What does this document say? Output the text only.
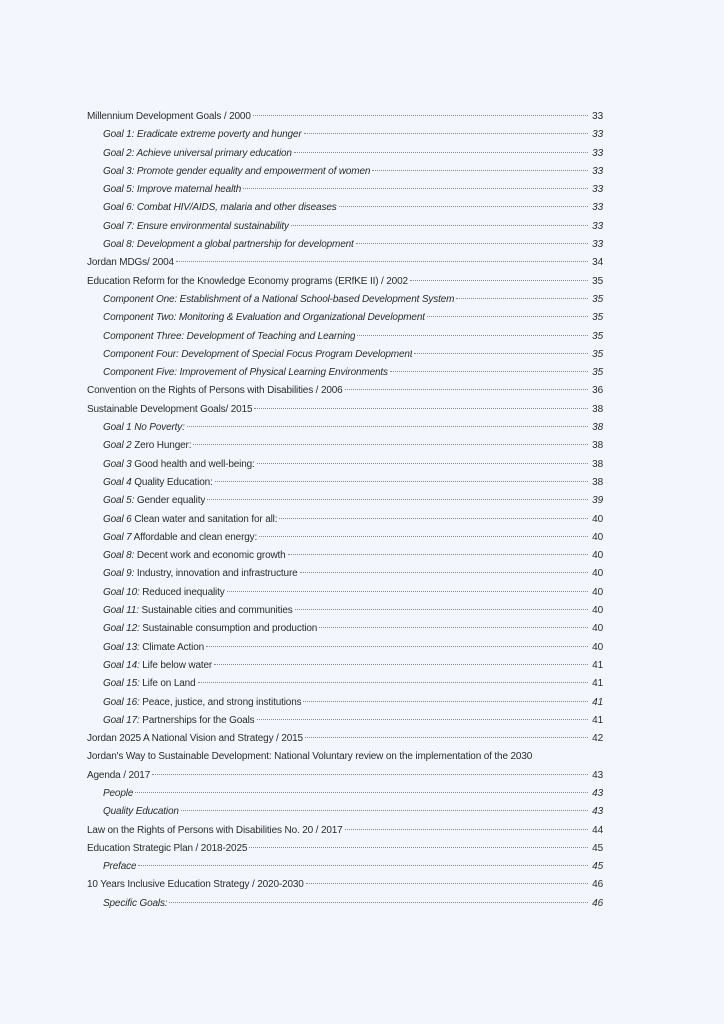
Millennium Development Goals / 2000	33
Goal 1: Eradicate extreme poverty and hunger	33
Goal 2: Achieve universal primary education	33
Goal 3: Promote gender equality and empowerment of women	33
Goal 5: Improve maternal health	33
Goal 6: Combat HIV/AIDS, malaria and other diseases	33
Goal 7: Ensure environmental sustainability	33
Goal 8: Development a global partnership for development	33
Jordan MDGs/ 2004	34
Education Reform for the Knowledge Economy programs (ERfKE II) / 2002	35
Component One: Establishment of a National School-based Development System	35
Component Two: Monitoring & Evaluation and Organizational Development	35
Component Three: Development of Teaching and Learning	35
Component Four: Development of Special Focus Program Development	35
Component Five: Improvement of Physical Learning Environments	35
Convention on the Rights of Persons with Disabilities / 2006	36
Sustainable Development Goals/ 2015	38
Goal 1 No Poverty:	38
Goal 2 Zero Hunger:	38
Goal 3 Good health and well-being:	38
Goal 4 Quality Education:	38
Goal 5: Gender equality	39
Goal 6 Clean water and sanitation for all:	40
Goal 7 Affordable and clean energy:	40
Goal 8: Decent work and economic growth	40
Goal 9: Industry, innovation and infrastructure	40
Goal 10: Reduced inequality	40
Goal 11: Sustainable cities and communities	40
Goal 12: Sustainable consumption and production	40
Goal 13: Climate Action	40
Goal 14: Life below water	41
Goal 15: Life on Land	41
Goal 16: Peace, justice, and strong institutions	41
Goal 17: Partnerships for the Goals	41
Jordan 2025 A National Vision and Strategy / 2015	42
Jordan's Way to Sustainable Development: National Voluntary review on the implementation of the 2030
Agenda / 2017	43
People	43
Quality Education	43
Law on the Rights of Persons with Disabilities No. 20 / 2017	44
Education Strategic Plan / 2018-2025	45
Preface	45
10 Years Inclusive Education Strategy / 2020-2030	46
Specific Goals:	46
